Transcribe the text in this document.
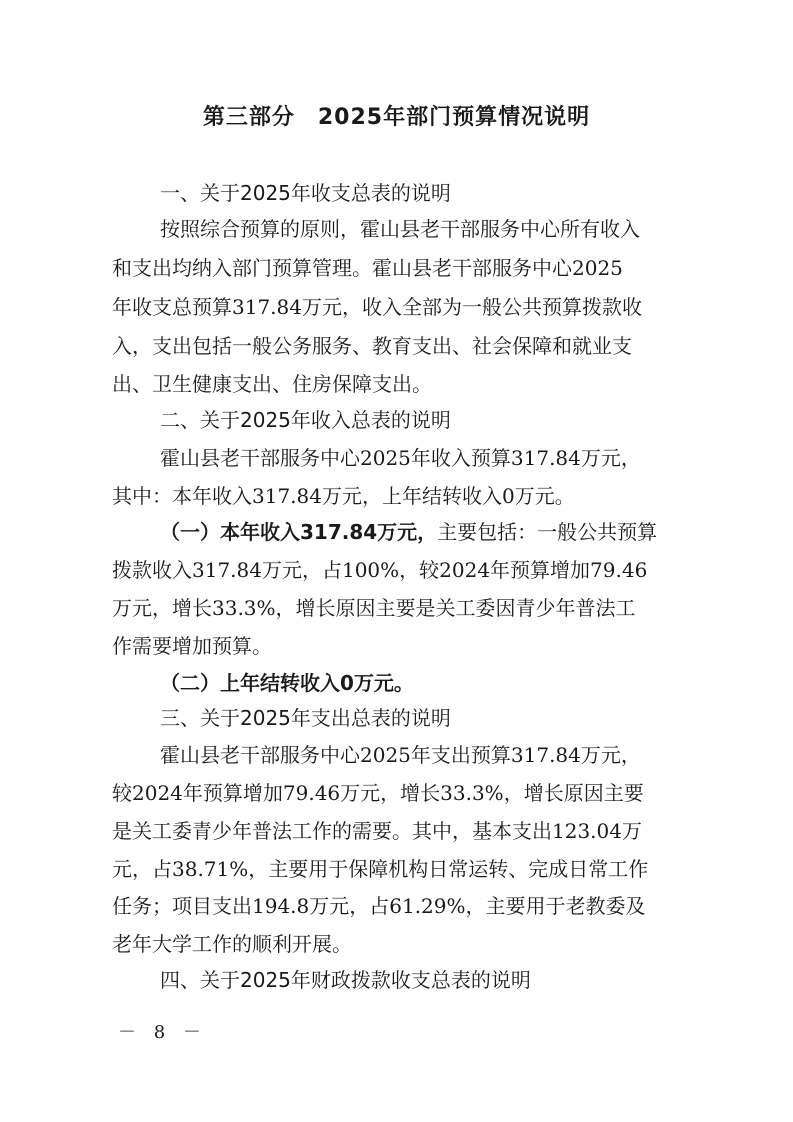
第三部分　2025年部门预算情况说明
一、关于2025年收支总表的说明
按照综合预算的原则，霍山县老干部服务中心所有收入
和支出均纳入部门预算管理。霍山县老干部服务中心2025
年收支总预算317.84万元，收入全部为一般公共预算拨款收
入，支出包括一般公务服务、教育支出、社会保障和就业支
出、卫生健康支出、住房保障支出。
二、关于2025年收入总表的说明
霍山县老干部服务中心2025年收入预算317.84万元，
其中：本年收入317.84万元，上年结转收入0万元。
（一）本年收入317.84万元，主要包括：一般公共预算
拨款收入317.84万元，占100%，较2024年预算增加79.46
万元，增长33.3%，增长原因主要是关工委因青少年普法工
作需要增加预算。
（二）上年结转收入0万元。
三、关于2025年支出总表的说明
霍山县老干部服务中心2025年支出预算317.84万元，
较2024年预算增加79.46万元，增长33.3%，增长原因主要
是关工委青少年普法工作的需要。其中，基本支出123.04万
元，占38.71%，主要用于保障机构日常运转、完成日常工作
任务；项目支出194.8万元，占61.29%，主要用于老教委及
老年大学工作的顺利开展。
四、关于2025年财政拨款收支总表的说明
－ 8 －
